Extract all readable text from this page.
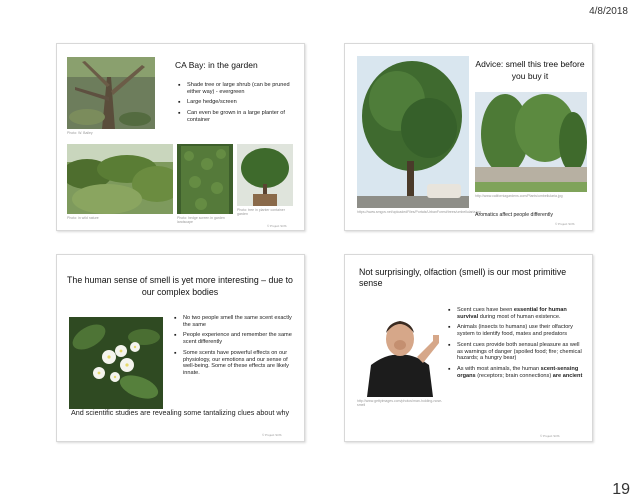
4/8/2018
Photo: W. Bailey
CA Bay: in the garden
▪ Shade tree or large shrub (can be pruned either way) - evergreen
▪ Large hedge/screen
▪ Can even be grown in a large planter of container
Photo: in wild nature	Photo: hedge screen in garden landscape
Photo: tree in planter container garden
© Project SOS
https://www.smgov.net/uploadedFiles/Portals/UrbanForest/trees/umbellularia.jpg
Advice: smell this tree before you buy it
http://www.californiagardens.com/Plants/umbellularia.jpg
Aromatics affect people differently
© Project SOS
The human sense of smell is yet more interesting – due to our complex bodies
▪ No two people smell the same scent exactly the same
▪ People experience and remember the same scent differently
▪ Some scents have powerful effects on our physiology, our emotions and our sense of well-being. Some of these effects are likely innate.
And scientific studies are revealing some tantalizing clues about why
© Project SOS
Not surprisingly, olfaction (smell) is our most primitive sense
http://www.gettyimages.com/photos/man-holding-nose-smell
▪ Scent cues have been essential for human survival during most of human existence.
▪ Animals (insects to humans) use their olfactory system to identify food, mates and predators
▪ Scent cues provide both sensual pleasure as well as warnings of danger (spoiled food; fire; chemical hazards; a hungry bear)
▪ As with most animals, the human scent-sensing organs (receptors; brain connections) are ancient
© Project SOS
19
